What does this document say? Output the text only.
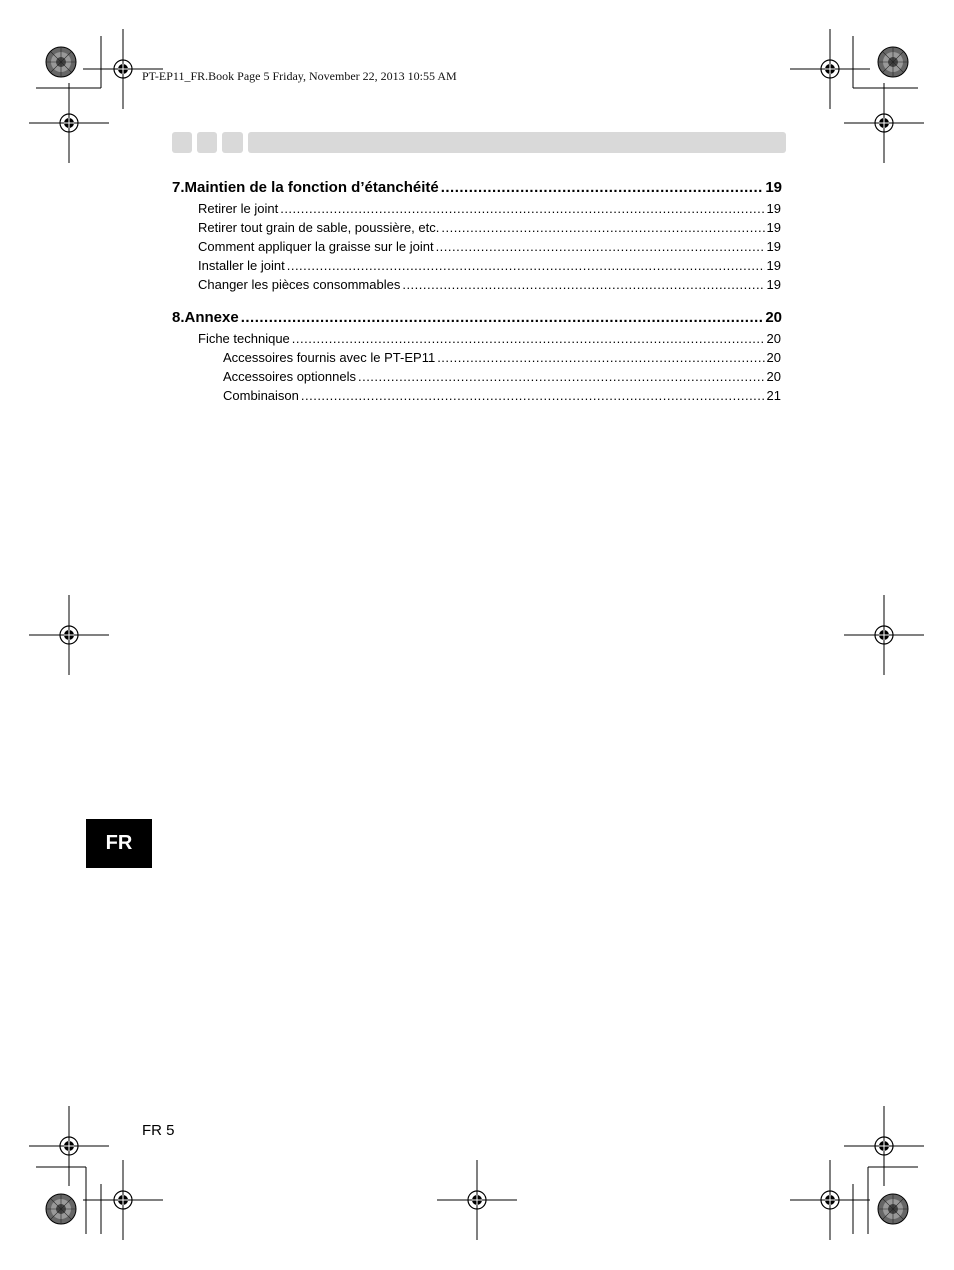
PT-EP11_FR.Book Page 5 Friday, November 22, 2013 10:55 AM
7.Maintien de la fonction d’étanchéité .....	19
Retirer le joint .....	19
Retirer tout grain de sable, poussière, etc. .....	19
Comment appliquer la graisse sur le joint .....	19
Installer le joint .....	19
Changer les pièces consommables .....	19
8.Annexe .....	20
Fiche technique .....	20
Accessoires fournis avec le PT-EP11 .....	20
Accessoires optionnels .....	20
Combinaison .....	21
FR
FR 5
